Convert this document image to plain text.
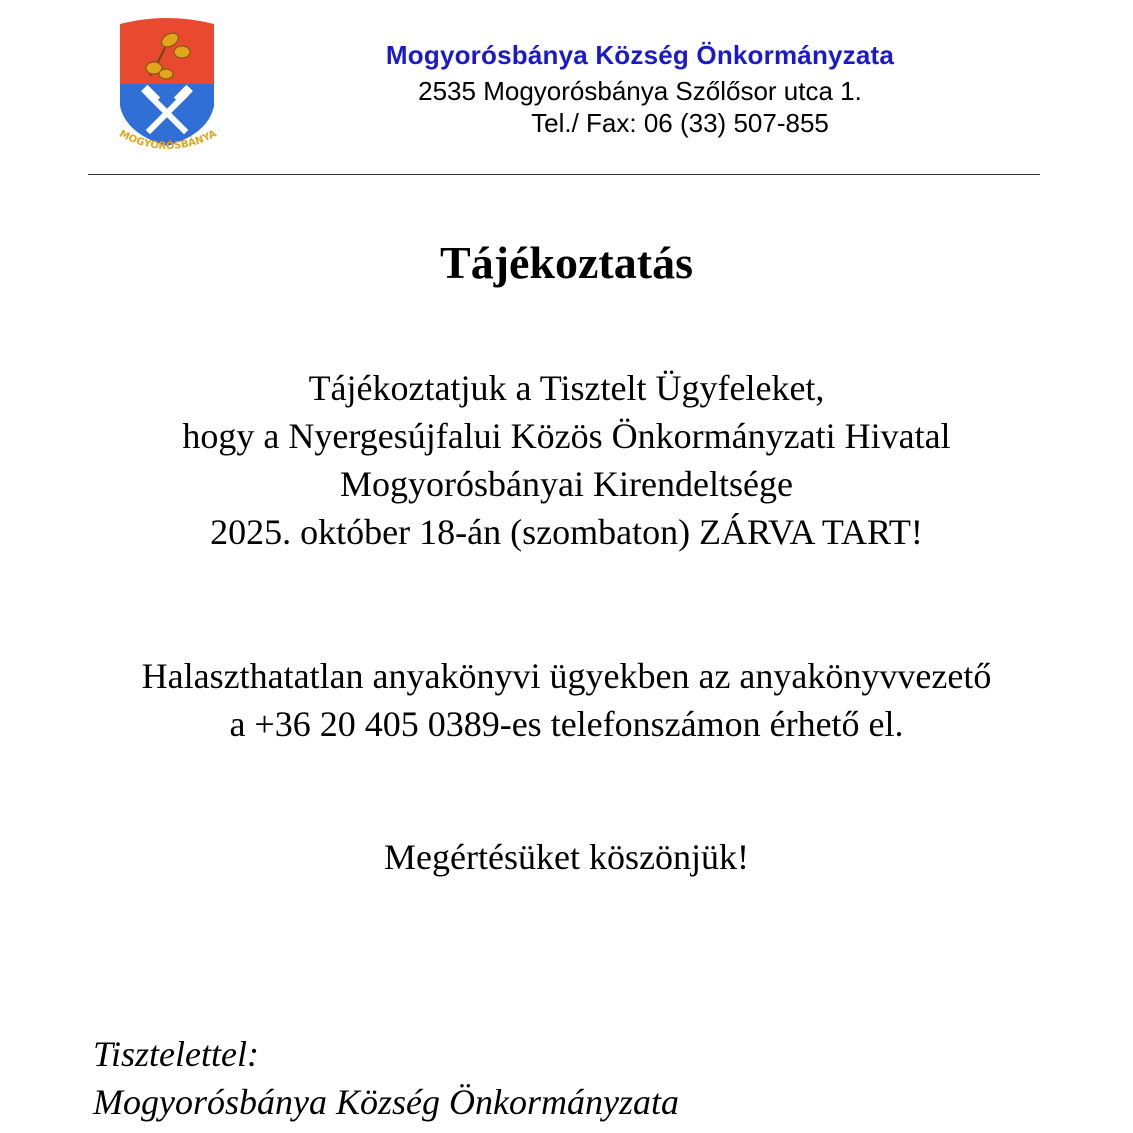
MOGYORÓSBÁNYA
Mogyorósbánya Község Önkormányzata
2535 Mogyorósbánya Szőlősor utca 1.
Tel./ Fax: 06 (33) 507-855
Tájékoztatás
Tájékoztatjuk a Tisztelt Ügyfeleket,
hogy a Nyergesújfalui Közös Önkormányzati Hivatal
Mogyorósbányai Kirendeltsége
2025. október 18-án (szombaton) ZÁRVA TART!
Halaszthatatlan anyakönyvi ügyekben az anyakönyvvezető
a +36 20 405 0389-es telefonszámon érhető el.
Megértésüket köszönjük!
Tisztelettel:
Mogyorósbánya Község Önkormányzata
